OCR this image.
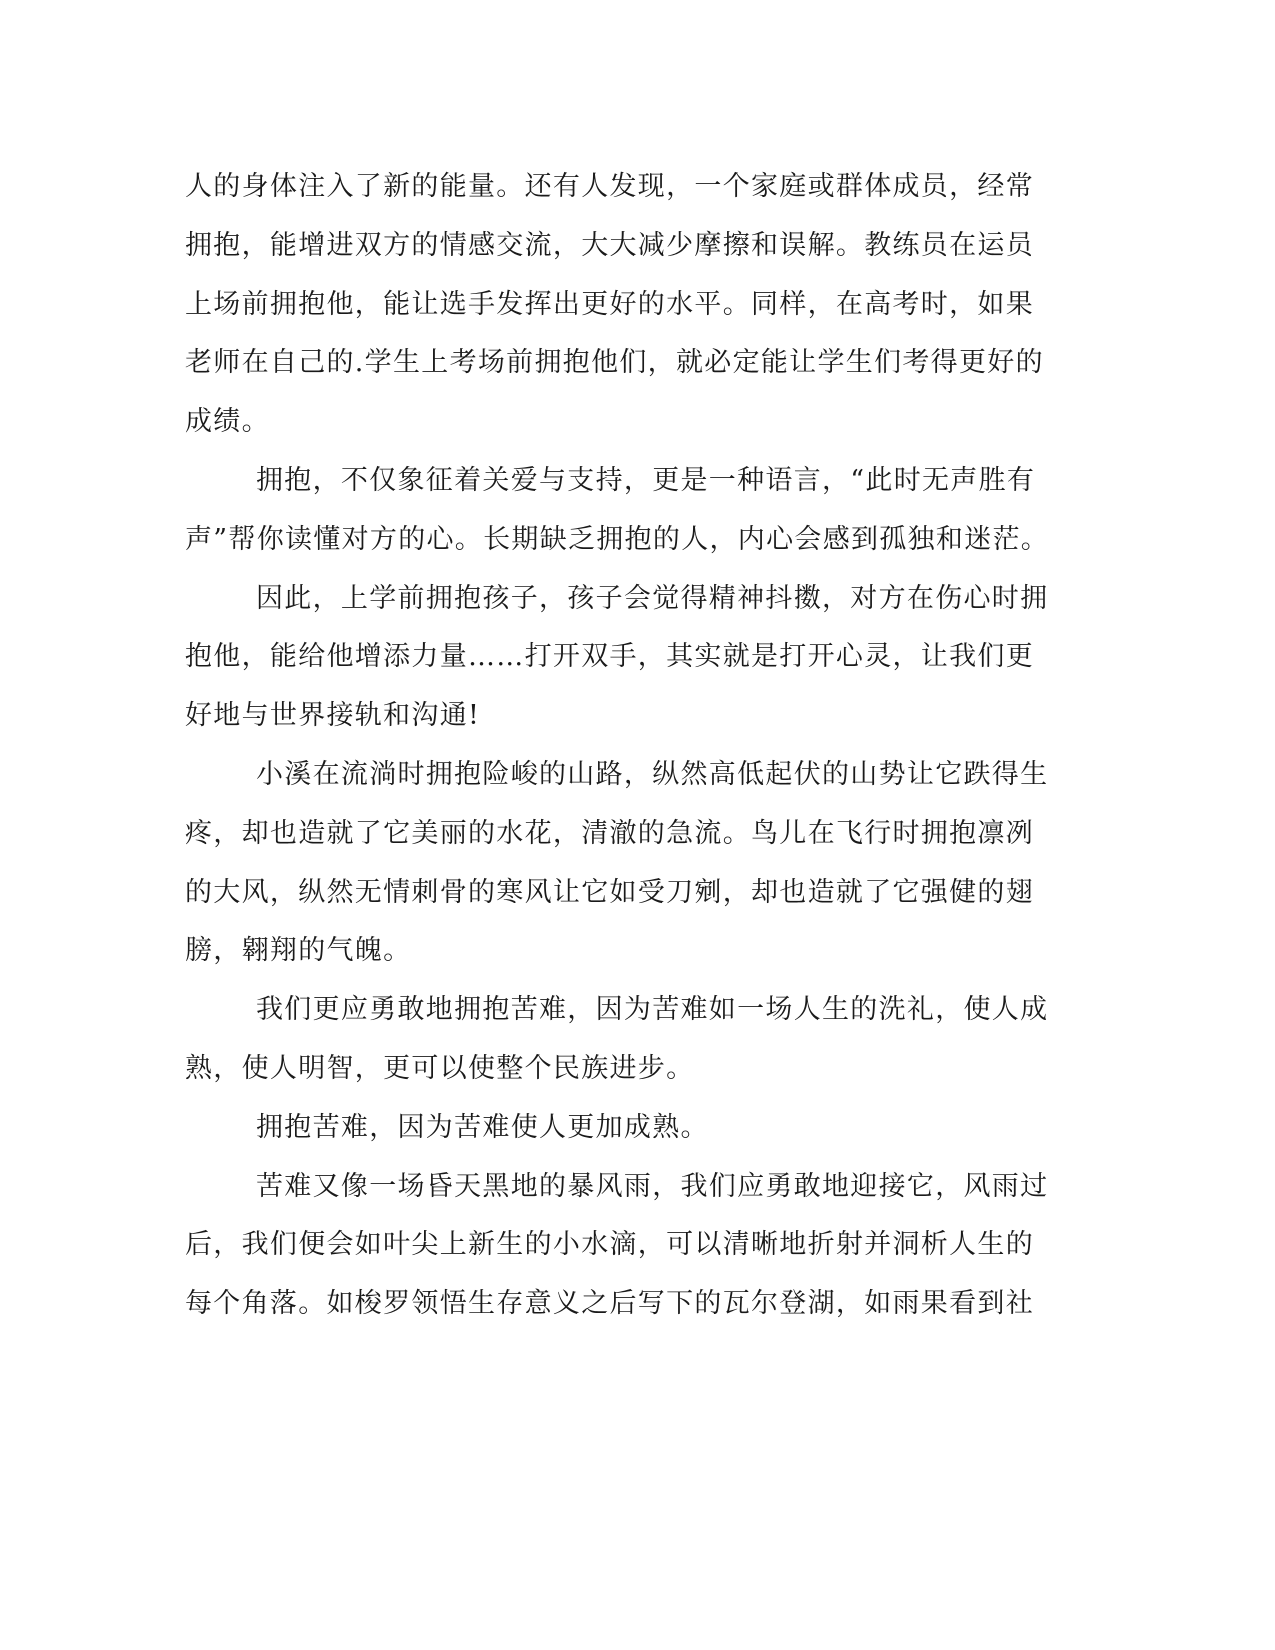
人的身体注入了新的能量。还有人发现，一个家庭或群体成员，经常
拥抱，能增进双方的情感交流，大大减少摩擦和误解。教练员在运员
上场前拥抱他，能让选手发挥出更好的水平。同样，在高考时，如果
老师在自己的.学生上考场前拥抱他们，就必定能让学生们考得更好的
成绩。
拥抱，不仅象征着关爱与支持，更是一种语言，“此时无声胜有
声”帮你读懂对方的心。长期缺乏拥抱的人，内心会感到孤独和迷茫。
因此，上学前拥抱孩子，孩子会觉得精神抖擞，对方在伤心时拥
抱他，能给他增添力量……打开双手，其实就是打开心灵，让我们更
好地与世界接轨和沟通!
小溪在流淌时拥抱险峻的山路，纵然高低起伏的山势让它跌得生
疼，却也造就了它美丽的水花，清澈的急流。鸟儿在飞行时拥抱凛冽
的大风，纵然无情刺骨的寒风让它如受刀剜，却也造就了它强健的翅
膀，翱翔的气魄。
我们更应勇敢地拥抱苦难，因为苦难如一场人生的洗礼，使人成
熟，使人明智，更可以使整个民族进步。
拥抱苦难，因为苦难使人更加成熟。
苦难又像一场昏天黑地的暴风雨，我们应勇敢地迎接它，风雨过
后，我们便会如叶尖上新生的小水滴，可以清晰地折射并洞析人生的
每个角落。如梭罗领悟生存意义之后写下的瓦尔登湖，如雨果看到社
